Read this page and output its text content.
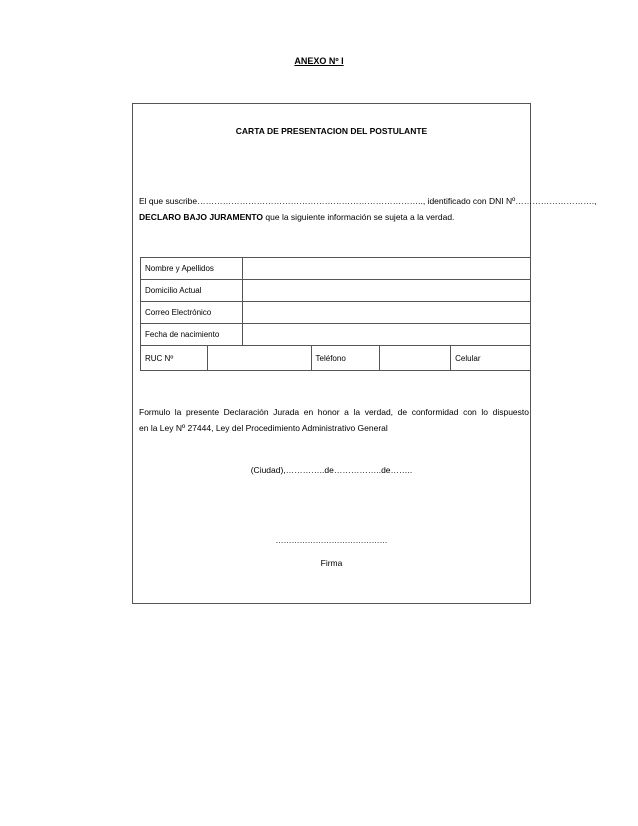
ANEXO Nº I
CARTA DE PRESENTACION DEL POSTULANTE
El que suscribe…………………………………………………………………….., identificado con DNI Nº……………………….,
DECLARO BAJO JURAMENTO que la siguiente información se sujeta a la verdad.
Nombre y Apellidos					
Domicilio Actual					
Correo Electrónico					
Fecha de nacimiento					
RUC Nº			Teléfono		Celular
Formulo la presente Declaración Jurada en honor a la verdad, de conformidad con lo dispuesto
en la Ley Nº 27444, Ley del Procedimiento Administrativo General
(Ciudad),…………..de……………..de……..
……………………………………
Firma
